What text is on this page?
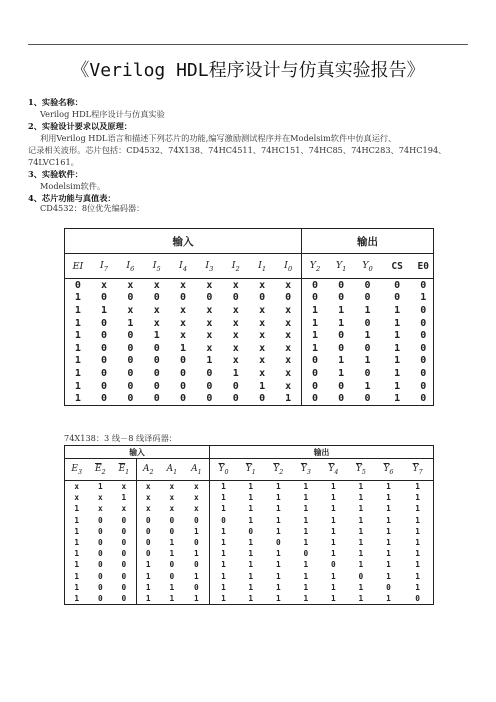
《Verilog HDL程序设计与仿真实验报告》
1、实验名称：
Verilog HDL程序设计与仿真实验
2、实验设计要求以及原理：
利用Verilog HDL语言和描述下列芯片的功能,编写激励测试程序并在Modelsim软件中仿真运行、
记录相关波形。芯片包括：CD4532、74X138、74HC4511、74HC151、74HC85、74HC283、74HC194、
74LVC161。
3、实验软件：
Modelsim软件。
4、芯片功能与真值表：
CD4532：8位优先编码器：
输入									输出				
EI	$I_7$	$I_6$	$I_5$	$I_4$	$I_3$	$I_2$	$I_1$	$I_0$	$Y_2$	$Y_1$	$Y_0$	CS	E0
0	x	x	x	x	x	x	x	x	0	0	0	0	0
1	0	0	0	0	0	0	0	0	0	0	0	0	1
1	1	x	x	x	x	x	x	x	1	1	1	1	0
1	0	1	x	x	x	x	x	x	1	1	0	1	0
1	0	0	1	x	x	x	x	x	1	0	1	1	0
1	0	0	0	1	x	x	x	x	1	0	0	1	0
1	0	0	0	0	1	x	x	x	0	1	1	1	0
1	0	0	0	0	0	1	x	x	0	1	0	1	0
1	0	0	0	0	0	0	1	x	0	0	1	1	0
1	0	0	0	0	0	0	0	1	0	0	0	1	0
74X138：3 线－8 线译码器：
输入						输出							
$E_3$	$\overline{E}_2$	$\overline{E}_1$	$A_2$	$A_1$	$A_1$	$\overline{Y}_0$	$\overline{Y}_1$	$\overline{Y}_2$	$\overline{Y}_3$	$\overline{Y}_4$	$\overline{Y}_5$	$\overline{Y}_6$	$\overline{Y}_7$
x	1	x	x	x	x	1	1	1	1	1	1	1	1
x	x	1	x	x	x	1	1	1	1	1	1	1	1
1	x	x	x	x	x	1	1	1	1	1	1	1	1
1	0	0	0	0	0	0	1	1	1	1	1	1	1
1	0	0	0	0	1	1	0	1	1	1	1	1	1
1	0	0	0	1	0	1	1	0	1	1	1	1	1
1	0	0	0	1	1	1	1	1	0	1	1	1	1
1	0	0	1	0	0	1	1	1	1	0	1	1	1
1	0	0	1	0	1	1	1	1	1	1	0	1	1
1	0	0	1	1	0	1	1	1	1	1	1	0	1
1	0	0	1	1	1	1	1	1	1	1	1	1	0
